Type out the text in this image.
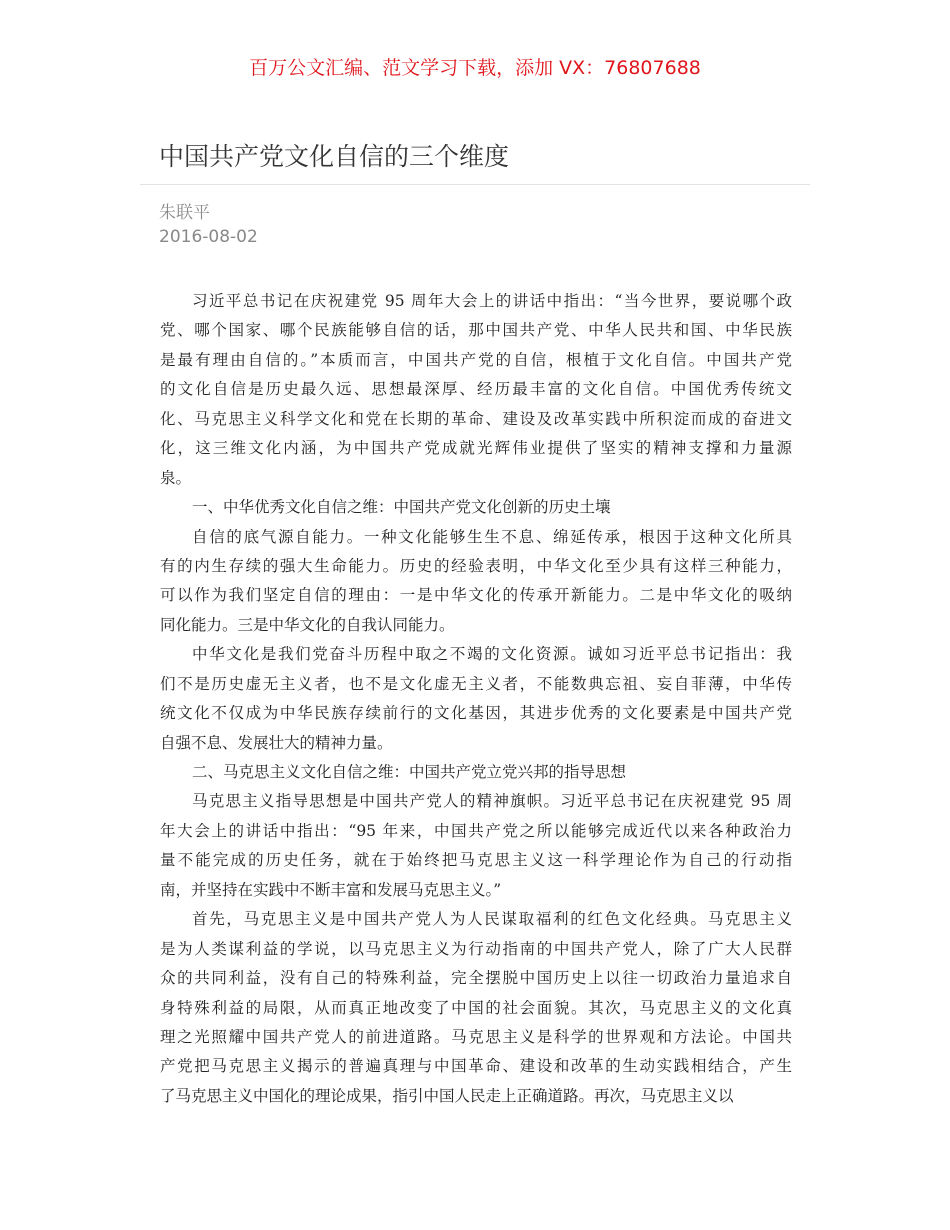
百万公文汇编、范文学习下载，添加 VX：76807688
中国共产党文化自信的三个维度
朱联平
2016-08-02
习近平总书记在庆祝建党 95 周年大会上的讲话中指出：“当今世界，要说哪个政
党、哪个国家、哪个民族能够自信的话，那中国共产党、中华人民共和国、中华民族
是最有理由自信的。”本质而言，中国共产党的自信，根植于文化自信。中国共产党
的文化自信是历史最久远、思想最深厚、经历最丰富的文化自信。中国优秀传统文
化、马克思主义科学文化和党在长期的革命、建设及改革实践中所积淀而成的奋进文
化，这三维文化内涵，为中国共产党成就光辉伟业提供了坚实的精神支撑和力量源
泉。
一、中华优秀文化自信之维：中国共产党文化创新的历史土壤
自信的底气源自能力。一种文化能够生生不息、绵延传承，根因于这种文化所具
有的内生存续的强大生命能力。历史的经验表明，中华文化至少具有这样三种能力，
可以作为我们坚定自信的理由：一是中华文化的传承开新能力。二是中华文化的吸纳
同化能力。三是中华文化的自我认同能力。
中华文化是我们党奋斗历程中取之不竭的文化资源。诚如习近平总书记指出：我
们不是历史虚无主义者，也不是文化虚无主义者，不能数典忘祖、妄自菲薄，中华传
统文化不仅成为中华民族存续前行的文化基因，其进步优秀的文化要素是中国共产党
自强不息、发展壮大的精神力量。
二、马克思主义文化自信之维：中国共产党立党兴邦的指导思想
马克思主义指导思想是中国共产党人的精神旗帜。习近平总书记在庆祝建党 95 周
年大会上的讲话中指出：“95 年来，中国共产党之所以能够完成近代以来各种政治力
量不能完成的历史任务，就在于始终把马克思主义这一科学理论作为自己的行动指
南，并坚持在实践中不断丰富和发展马克思主义。”
首先，马克思主义是中国共产党人为人民谋取福利的红色文化经典。马克思主义
是为人类谋利益的学说，以马克思主义为行动指南的中国共产党人，除了广大人民群
众的共同利益，没有自己的特殊利益，完全摆脱中国历史上以往一切政治力量追求自
身特殊利益的局限，从而真正地改变了中国的社会面貌。其次，马克思主义的文化真
理之光照耀中国共产党人的前进道路。马克思主义是科学的世界观和方法论。中国共
产党把马克思主义揭示的普遍真理与中国革命、建设和改革的生动实践相结合，产生
了马克思主义中国化的理论成果，指引中国人民走上正确道路。再次，马克思主义以
